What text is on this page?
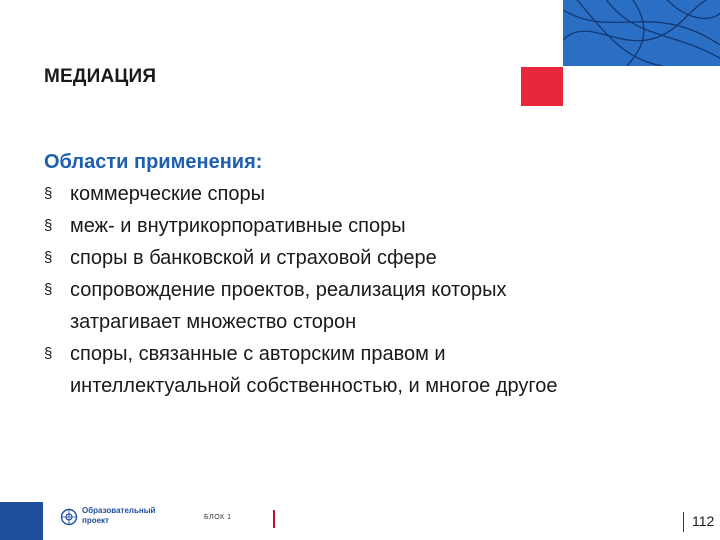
МЕДИАЦИЯ
Области применения:
§ коммерческие споры
§ меж- и внутрикорпоративные споры
§ споры в банковской и страховой сфере
§ сопровождение проектов, реализация которых
затрагивает множество сторон
§ споры, связанные с авторским правом и
интеллектуальной собственностью, и многое другое
Образовательный
проект	БЛОК 1	112
